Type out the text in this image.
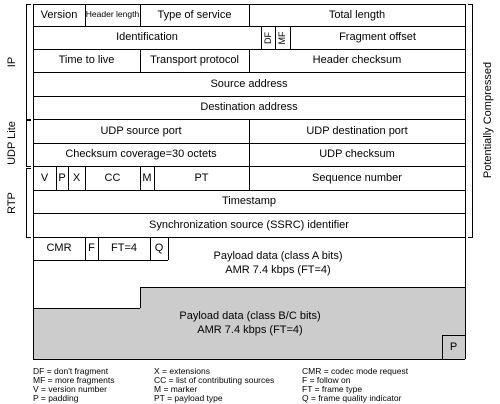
IP
UDP Lite
RTP
Potentially Compressed
Version Header length	Type of service	Total length
Identification	DF MF	Fragment offset
Time to live	Transport protocol	Header checksum
Source address
Destination address
UDP source port	UDP destination port
Checksum coverage=30 octets	UDP checksum
V P X	CC	M	PT	Sequence number
Timestamp
Synchronization source (SSRC) identifier
CMR	F	FT=4	Q
Payload data (class A bits)
AMR 7.4 kbps (FT=4)
Payload data (class B/C bits)
AMR 7.4 kbps (FT=4)
P
DF = don't fragment
MF = more fragments
V = version number
P = padding
X = extensions
CC = list of contributing sources
M = marker
PT = payload type
CMR = codec mode request
F = follow on
FT = frame type
Q = frame quality indicator
